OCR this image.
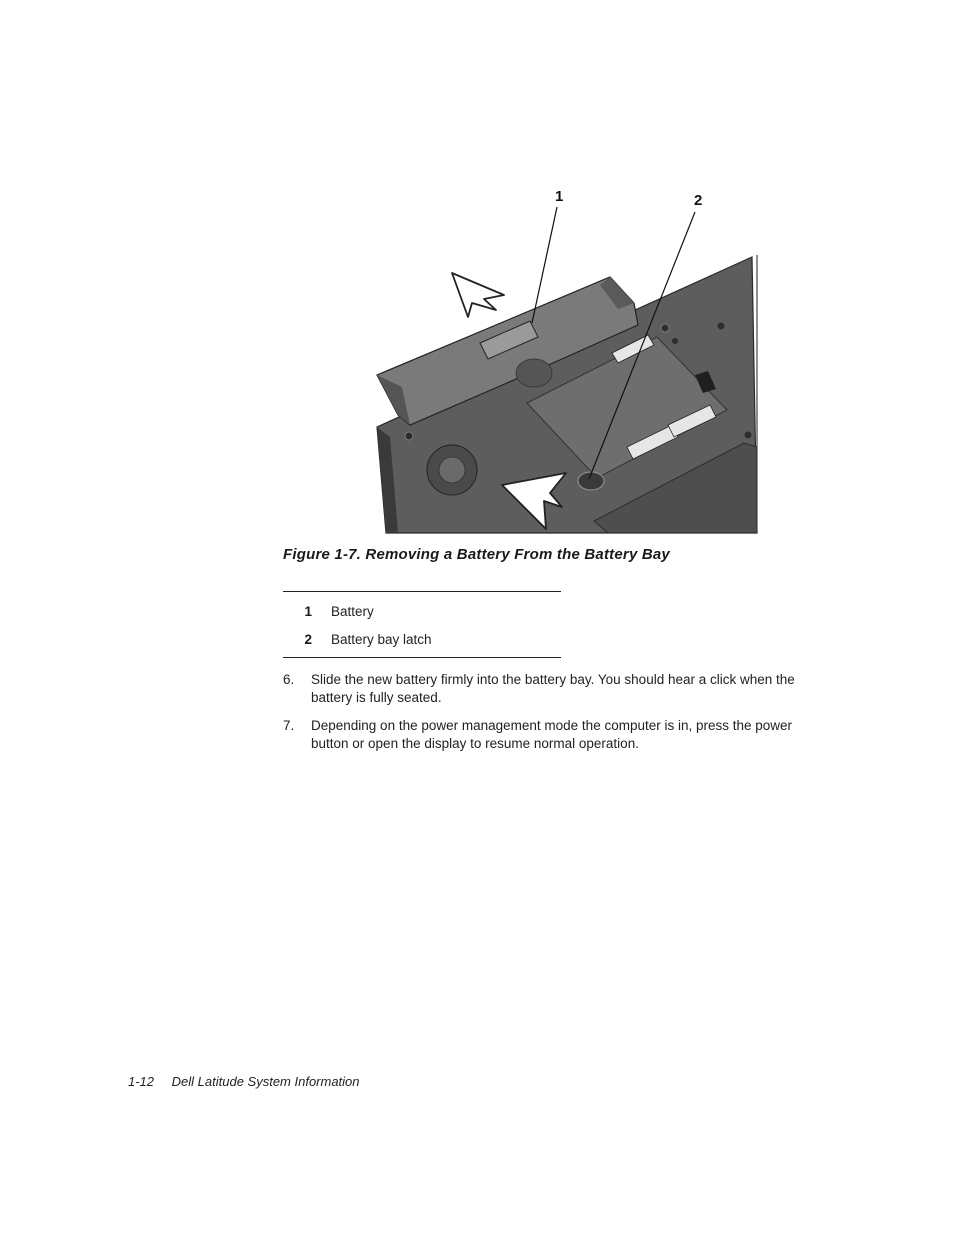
1	2
Figure 1-7. Removing a Battery From the Battery Bay
1	Battery
2	Battery bay latch
6.	Slide the new battery firmly into the battery bay. You should hear a click when the battery is fully seated.
7.	Depending on the power management mode the computer is in, press the power button or open the display to resume normal operation.
1-12 Dell Latitude System Information
